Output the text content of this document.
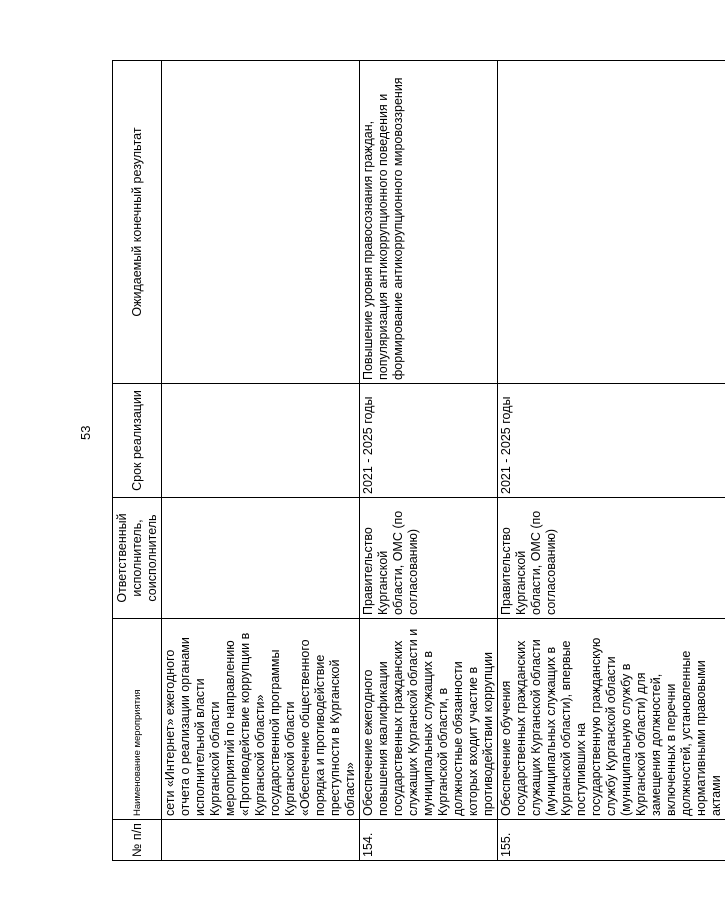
53
№ п/п	Наименование мероприятия	Ответственный исполнитель, соисполнитель	Срок реализации	Ожидаемый конечный результат
	сети «Интернет» ежегодного отчета о реализации органами исполнительной власти Курганской области мероприятий по направлению «Противодействие коррупции в Курганской области» государственной программы Курганской области «Обеспечение общественного порядка и противодействие преступности в Курганской области»			
154.	Обеспечение ежегодного повышения квалификации государственных гражданских служащих Курганской области и муниципальных служащих в Курганской области, в должностные обязанности которых входит участие в противодействии коррупции	Правительство Курганской области, ОМС (по согласованию)	2021 - 2025 годы	Повышение уровня правосознания граждан, популяризация антикоррупционного поведения и формирование антикоррупционного мировоззрения
155.	Обеспечение обучения государственных гражданских служащих Курганской области (муниципальных служащих в Курганской области), впервые поступивших на государственную гражданскую службу Курганской области (муниципальную службу в Курганской области) для замещения должностей, включенных в перечни должностей, установленные нормативными правовыми актами	Правительство Курганской области, ОМС (по согласованию)	2021 - 2025 годы	
